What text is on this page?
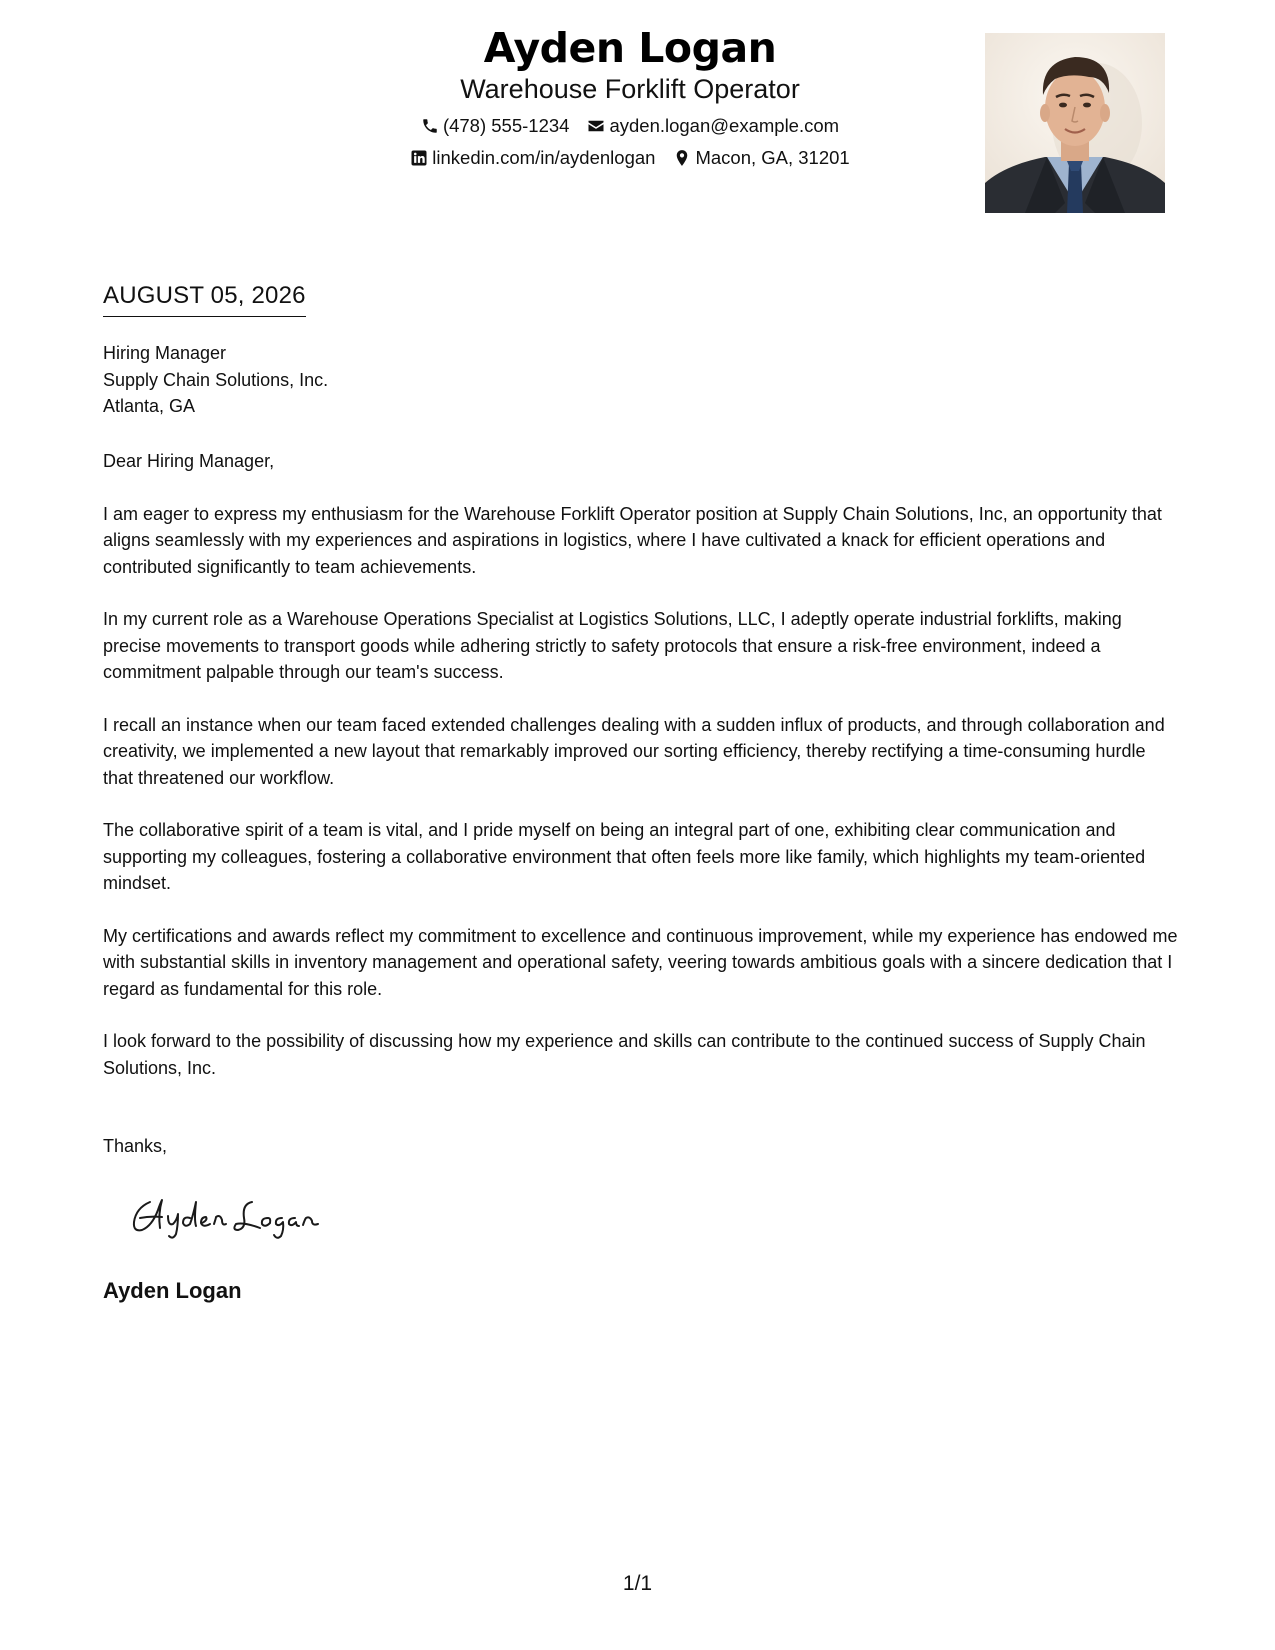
Ayden Logan
Warehouse Forklift Operator
(478) 555-1234 ayden.logan@example.com
linkedin.com/in/aydenlogan Macon, GA, 31201
AUGUST 05, 2026
Hiring Manager
Supply Chain Solutions, Inc.
Atlanta, GA

Dear Hiring Manager,

I am eager to express my enthusiasm for the Warehouse Forklift Operator position at Supply Chain Solutions, Inc, an opportunity that aligns seamlessly with my experiences and aspirations in logistics, where I have cultivated a knack for efficient operations and contributed significantly to team achievements.

In my current role as a Warehouse Operations Specialist at Logistics Solutions, LLC, I adeptly operate industrial forklifts, making precise movements to transport goods while adhering strictly to safety protocols that ensure a risk-free environment, indeed a commitment palpable through our team's success.

I recall an instance when our team faced extended challenges dealing with a sudden influx of products, and through collaboration and creativity, we implemented a new layout that remarkably improved our sorting efficiency, thereby rectifying a time-consuming hurdle that threatened our workflow.

The collaborative spirit of a team is vital, and I pride myself on being an integral part of one, exhibiting clear communication and supporting my colleagues, fostering a collaborative environment that often feels more like family, which highlights my team-oriented mindset.

My certifications and awards reflect my commitment to excellence and continuous improvement, while my experience has endowed me with substantial skills in inventory management and operational safety, veering towards ambitious goals with a sincere dedication that I regard as fundamental for this role.

I look forward to the possibility of discussing how my experience and skills can contribute to the continued success of Supply Chain Solutions, Inc.

Thanks,
Ayden Logan
1/1
